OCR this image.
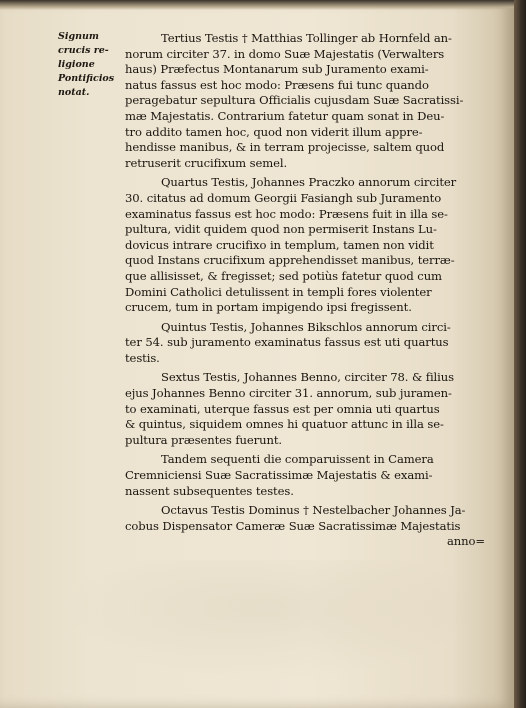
Signum
crucis re-
ligione
Pontificios
notat.
Tertius Testis † Matthias Tollinger ab Hornfeld an-
norum circiter 37. in domo Suæ Majestatis (Verwalters
haus) Præfectus Montanarum sub Juramento exami-
natus fassus est hoc modo: Præsens fui tunc quando
peragebatur sepultura Officialis cujusdam Suæ Sacratissi-
mæ Majestatis. Contrarium fatetur quam sonat in Deu-
tro addito tamen hoc, quod non viderit illum appre-
hendisse manibus, & in terram projecisse, saltem quod
retruserit crucifixum semel.
Quartus Testis, Johannes Praczko annorum circiter
30. citatus ad domum Georgii Fasiangh sub Juramento
examinatus fassus est hoc modo: Præsens fuit in illa se-
pultura, vidit quidem quod non permiserit Instans Lu-
dovicus intrare crucifixo in templum, tamen non vidit
quod Instans crucifixum apprehendisset manibus, terræ-
que allisisset, & fregisset; sed potiùs fatetur quod cum
Domini Catholici detulissent in templi fores violenter
crucem, tum in portam impigendo ipsi fregissent.
Quintus Testis, Johannes Bikschlos annorum circi-
ter 54. sub juramento examinatus fassus est uti quartus
testis.
Sextus Testis, Johannes Benno, circiter 78. & filius
ejus Johannes Benno circiter 31. annorum, sub juramen-
to examinati, uterque fassus est per omnia uti quartus
& quintus, siquidem omnes hi quatuor attunc in illa se-
pultura præsentes fuerunt.
Tandem sequenti die comparuissent in Camera
Cremniciensi Suæ Sacratissimæ Majestatis & exami-
nassent subsequentes testes.
Octavus Testis Dominus † Nestelbacher Johannes Ja-
cobus Dispensator Cameræ Suæ Sacratissimæ Majestatis
anno=
